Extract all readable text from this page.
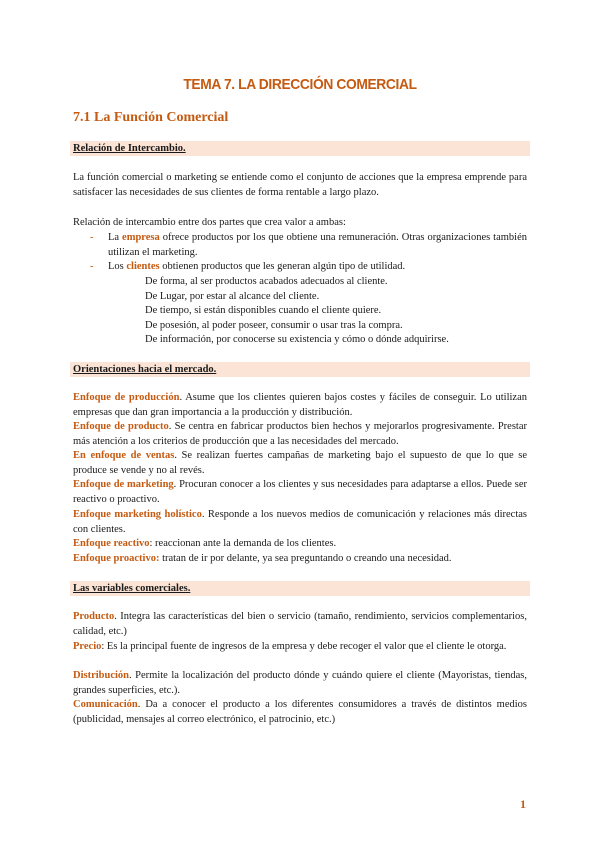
TEMA 7. LA DIRECCIÓN COMERCIAL
7.1 La Función Comercial
Relación de Intercambio.

La función comercial o marketing se entiende como el conjunto de acciones que la empresa emprende para satisfacer las necesidades de sus clientes de forma rentable a largo plazo.

Relación de intercambio entre dos partes que crea valor a ambas:

- La empresa ofrece productos por los que obtiene una remuneración. Otras organizaciones también utilizan el marketing.
- Los clientes obtienen productos que les generan algún tipo de utilidad.
De forma, al ser productos acabados adecuados al cliente.
De Lugar, por estar al alcance del cliente.
De tiempo, si están disponibles cuando el cliente quiere.
De posesión, al poder poseer, consumir o usar tras la compra.
De información, por conocerse su existencia y cómo o dónde adquirirse.
Orientaciones hacia el mercado.

Enfoque de producción. Asume que los clientes quieren bajos costes y fáciles de conseguir. Lo utilizan empresas que dan gran importancia a la producción y distribución.

Enfoque de producto. Se centra en fabricar productos bien hechos y mejorarlos progresivamente. Prestar más atención a los criterios de producción que a las necesidades del mercado.

En enfoque de ventas. Se realizan fuertes campañas de marketing bajo el supuesto de que lo que se produce se vende y no al revés.

Enfoque de marketing. Procuran conocer a los clientes y sus necesidades para adaptarse a ellos. Puede ser reactivo o proactivo.

Enfoque marketing holístico. Responde a los nuevos medios de comunicación y relaciones más directas con clientes.

Enfoque reactivo: reaccionan ante la demanda de los clientes.

Enfoque proactivo: tratan de ir por delante, ya sea preguntando o creando una necesidad.

Las variables comerciales.

Producto. Integra las características del bien o servicio (tamaño, rendimiento, servicios complementarios, calidad, etc.)

Precio: Es la principal fuente de ingresos de la empresa y debe recoger el valor que el cliente le otorga.

Distribución. Permite la localización del producto dónde y cuándo quiere el cliente (Mayoristas, tiendas, grandes superficies, etc.).

Comunicación. Da a conocer el producto a los diferentes consumidores a través de distintos medios (publicidad, mensajes al correo electrónico, el patrocinio, etc.)

1
